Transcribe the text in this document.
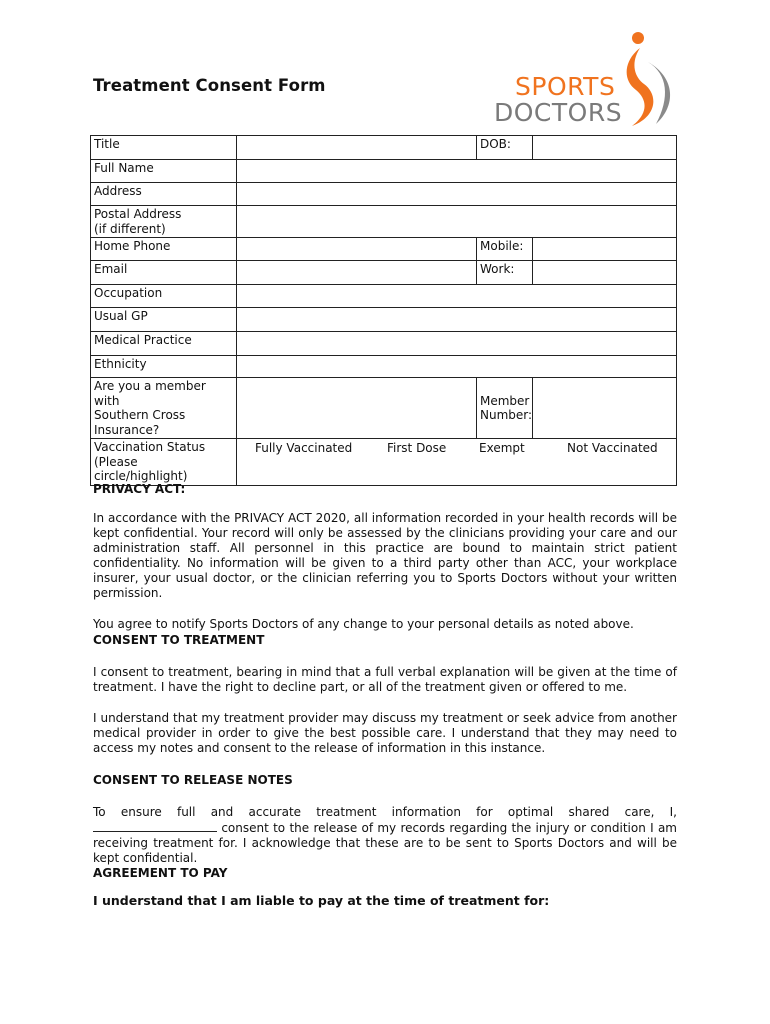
Treatment Consent Form	SPORTS
DOCTORS
Title		DOB:	
Full Name			
Address			
Postal Address
(if different)			
Home Phone		Mobile:	
Email		Work:	
Occupation			
Usual GP			
Medical Practice			
Ethnicity			
Are you a member with
Southern Cross
Insurance?		Member
Number:	
Vaccination Status
(Please circle/highlight)	Fully Vaccinated First Dose Exempt Not Vaccinated		
PRIVACY ACT:

In accordance with the PRIVACY ACT 2020, all information recorded in your health records will be kept confidential. Your record will only be assessed by the clinicians providing your care and our administration staff. All personnel in this practice are bound to maintain strict patient confidentiality. No information will be given to a third party other than ACC, your workplace insurer, your usual doctor, or the clinician referring you to Sports Doctors without your written permission.

You agree to notify Sports Doctors of any change to your personal details as noted above.

CONSENT TO TREATMENT

I consent to treatment, bearing in mind that a full verbal explanation will be given at the time of treatment. I have the right to decline part, or all of the treatment given or offered to me.

I understand that my treatment provider may discuss my treatment or seek advice from another medical provider in order to give the best possible care. I understand that they may need to access my notes and consent to the release of information in this instance.

CONSENT TO RELEASE NOTES

To ensure full and accurate treatment information for optimal shared care, I,  consent to the release of my records regarding the injury or condition I am receiving treatment for. I acknowledge that these are to be sent to Sports Doctors and will be kept confidential.

AGREEMENT TO PAY
I understand that I am liable to pay at the time of treatment for:
